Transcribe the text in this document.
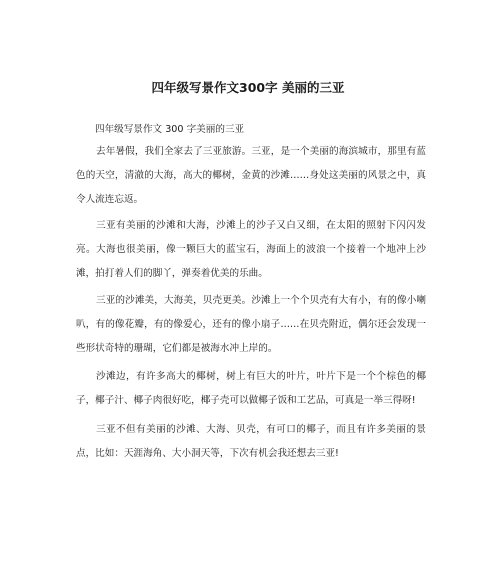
四年级写景作文300字 美丽的三亚
四年级写景作文 300 字美丽的三亚

去年暑假，我们全家去了三亚旅游。三亚，是一个美丽的海滨城市，那里有蓝色的天空，清澈的大海，高大的椰树，金黄的沙滩……身处这美丽的风景之中，真令人流连忘返。

三亚有美丽的沙滩和大海，沙滩上的沙子又白又细，在太阳的照射下闪闪发亮。大海也很美丽，像一颗巨大的蓝宝石，海面上的波浪一个接着一个地冲上沙滩，拍打着人们的脚丫，弹奏着优美的乐曲。

三亚的沙滩美，大海美，贝壳更美。沙滩上一个个贝壳有大有小，有的像小喇叭，有的像花瓣，有的像爱心，还有的像小扇子……在贝壳附近，偶尔还会发现一些形状奇特的珊瑚，它们都是被海水冲上岸的。

沙滩边，有许多高大的椰树，树上有巨大的叶片，叶片下是一个个棕色的椰子，椰子汁、椰子肉很好吃，椰子壳可以做椰子饭和工艺品，可真是一举三得呀!

三亚不但有美丽的沙滩、大海、贝壳，有可口的椰子，而且有许多美丽的景点，比如：天涯海角、大小洞天等，下次有机会我还想去三亚!
